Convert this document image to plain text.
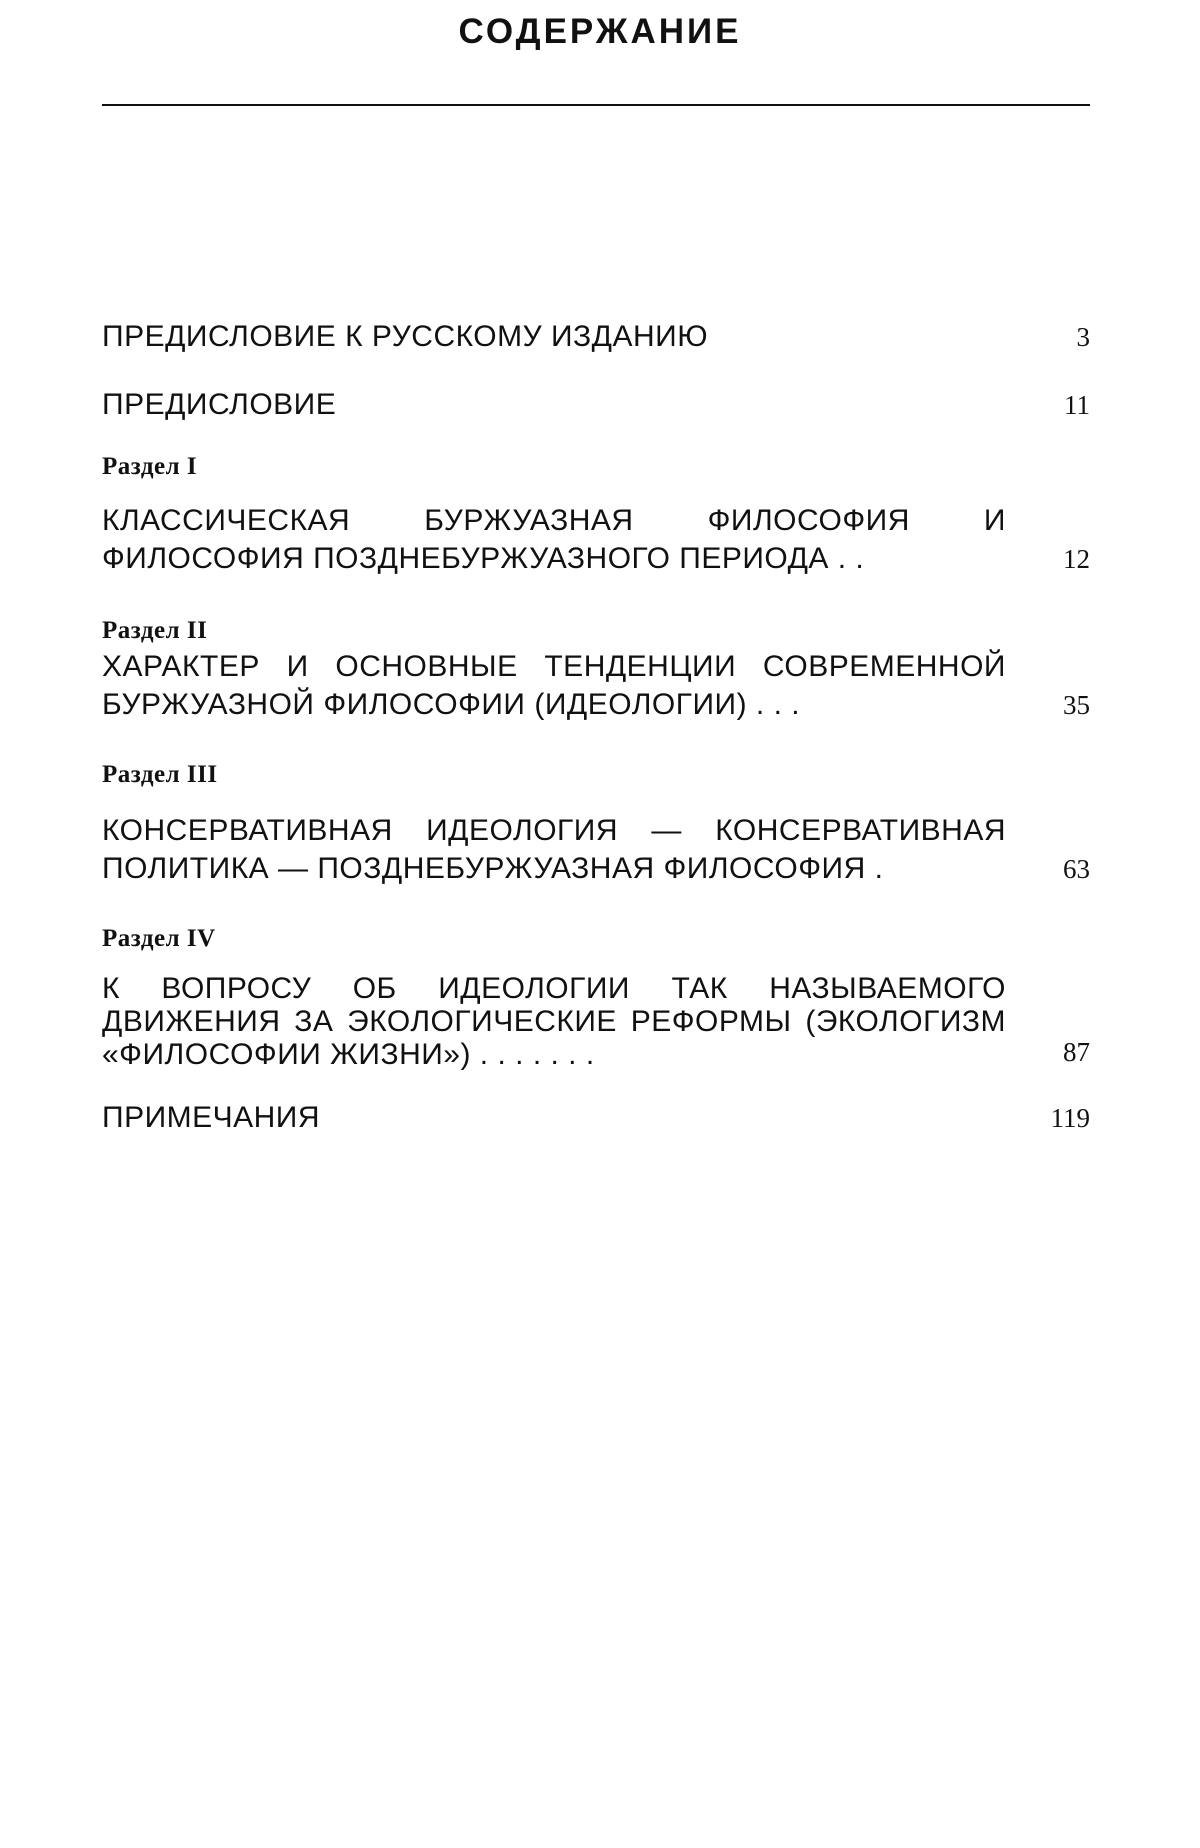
СОДЕРЖАНИЕ
ПРЕДИСЛОВИЕ К РУССКОМУ ИЗДАНИЮ	3
ПРЕДИСЛОВИЕ	11
Раздел I
КЛАССИЧЕСКАЯ БУРЖУАЗНАЯ ФИЛОСОФИЯ И ФИЛОСОФИЯ ПОЗДНЕБУРЖУАЗНОГО ПЕРИОДА . .	12
Раздел II
ХАРАКТЕР И ОСНОВНЫЕ ТЕНДЕНЦИИ СОВРЕМЕННОЙ БУРЖУАЗНОЙ ФИЛОСОФИИ (ИДЕОЛОГИИ) . . .	35
Раздел III
КОНСЕРВАТИВНАЯ ИДЕОЛОГИЯ — КОНСЕРВАТИВНАЯ ПОЛИТИКА — ПОЗДНЕБУРЖУАЗНАЯ ФИЛОСОФИЯ .	63
Раздел IV
К ВОПРОСУ ОБ ИДЕОЛОГИИ ТАК НАЗЫВАЕМОГО ДВИЖЕНИЯ ЗА ЭКОЛОГИЧЕСКИЕ РЕФОРМЫ (ЭКОЛОГИЗМ «ФИЛОСОФИИ ЖИЗНИ») . . . . . . .	87
ПРИМЕЧАНИЯ	119
